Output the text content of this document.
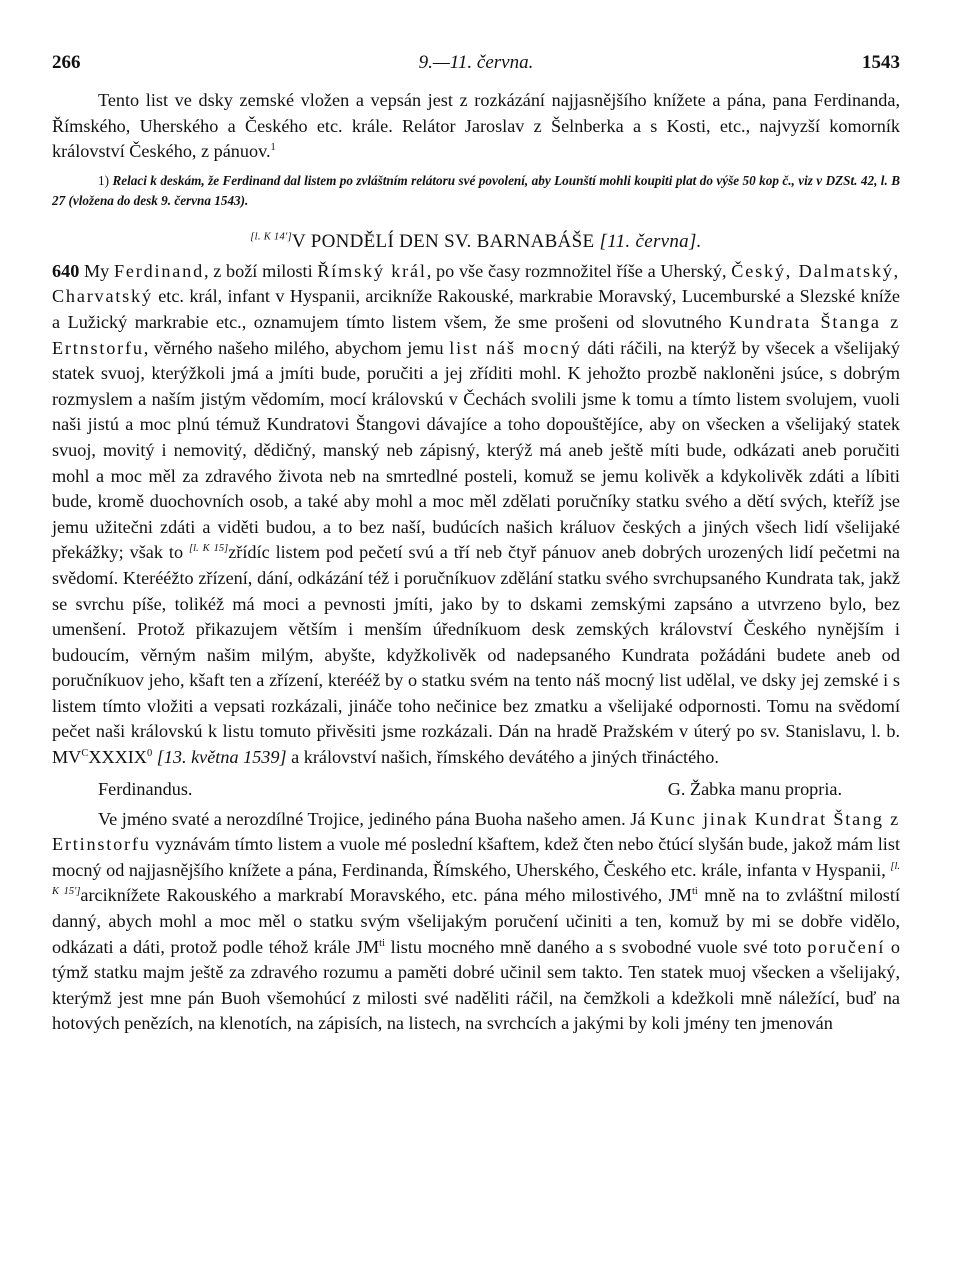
266	9.—11. června.	1543

Tento list ve dsky zemské vložen a vepsán jest z rozkázání najjasnějšího knížete a pána, pana Ferdinanda, Římského, Uherského a Českého etc. krále. Relátor Jaroslav z Šelnberka a s Kosti, etc., najvyzší komorník království Českého, z pánuov.$^1$

1) Relaci k deskám, že Ferdinand dal listem po zvláštním relátoru své povolení, aby Lounští mohli koupiti plat do výše 50 kop č., viz v DZSt. 42, l. B 27 (vložena do desk 9. června 1543).

[l. K 14']V PONDĚLÍ DEN SV. BARNABÁŠE [11. června].

640 My Ferdinand, z boží milosti Římský král, po vše časy rozmnožitel říše a Uherský, Český, Dalmatský, Charvatský etc. král, infant v Hyspanii, arcikníže Rakouské, markrabie Moravský, Lucemburské a Slezské kníže a Lužický markrabie etc., oznamujem tímto listem všem, že sme prošeni od slovutného Kundrata Štanga z Ertnstorfu, věrného našeho milého, abychom jemu list náš mocný dáti ráčili, na kterýž by všecek a všelijaký statek svuoj, kterýžkoli jmá a jmíti bude, poručiti a jej zříditi mohl. K jehožto prozbě nakloněni jsúce, s dobrým rozmyslem a naším jistým vědomím, mocí královskú v Čechách svolili jsme k tomu a tímto listem svolujem, vuoli naši jistú a moc plnú témuž Kundratovi Štangovi dávajíce a toho dopouštějíce, aby on všecken a všelijaký statek svuoj, movitý i nemovitý, dědičný, manský neb zápisný, kterýž má aneb ještě míti bude, odkázati aneb poručiti mohl a moc měl za zdravého života neb na smrtedlné posteli, komuž se jemu kolivěk a kdykolivěk zdáti a líbiti bude, kromě duochovních osob, a také aby mohl a moc měl zdělati poručníky statku svého a dětí svých, kteříž jse jemu užitečni zdáti a viděti budou, a to bez naší, budúcích našich králuov českých a jiných všech lidí všelijaké překážky; však to [l. K 15]zřídíc listem pod pečetí svú a tří neb čtyř pánuov aneb dobrých urozených lidí pečetmi na svědomí. Kterééžto zřízení, dání, odkázání též i poručníkuov zdělání statku svého svrchupsaného Kundrata tak, jakž se svrchu píše, tolikéž má moci a pevnosti jmíti, jako by to dskami zemskými zapsáno a utvrzeno bylo, bez umenšení. Protož přikazujem větším i menším úředníkuom desk zemských království Českého nynějším i budoucím, věrným našim milým, abyšte, kdyžkolivěk od nadepsaného Kundrata požádáni budete aneb od poručníkuov jeho, kšaft ten a zřízení, kterééž by o statku svém na tento náš mocný list udělal, ve dsky jej zemské i s listem tímto vložiti a vepsati rozkázali, jináče toho nečinice bez zmatku a všelijaké odpornosti. Tomu na svědomí pečet naši královskú k listu tomuto přivěsiti jsme rozkázali. Dán na hradě Pražském v úterý po sv. Stanislavu, l. b. $MV^CXXXIX^0$ [13. května 1539] a království našich, římského devátého a jiných třináctého.

Ferdinandus.	G. Žabka manu propria.

Ve jméno svaté a nerozdílné Trojice, jediného pána Buoha našeho amen. Já Kunc jinak Kundrat Štang z Ertinstorfu vyznávám tímto listem a vuole mé poslední kšaftem, kdež čten nebo čtúcí slyšán bude, jakož mám list mocný od najjasnějšího knížete a pána, Ferdinanda, Římského, Uherského, Českého etc. krále, infanta v Hyspanii, [l. K 15']arciknížete Rakouského a markrabí Moravského, etc. pána mého milostivého, $JM^{ti}$ mně na to zvláštní milostí danný, abych mohl a moc měl o statku svým všelijakým poručení učiniti a ten, komuž by mi se dobře vidělo, odkázati a dáti, protož podle téhož krále $JM^{ti}$ listu mocného mně daného a s svobodné vuole své toto poručení o týmž statku majm ještě za zdravého rozumu a paměti dobré učinil sem takto. Ten statek muoj všecken a všelijaký, kterýmž jest mne pán Buoh všemohúcí z milosti své naděliti ráčil, na čemžkoli a kdežkoli mně náležící, buď na hotových penězích, na klenotích, na zápisích, na listech, na svrchcích a jakými by koli jmény ten jmenován
